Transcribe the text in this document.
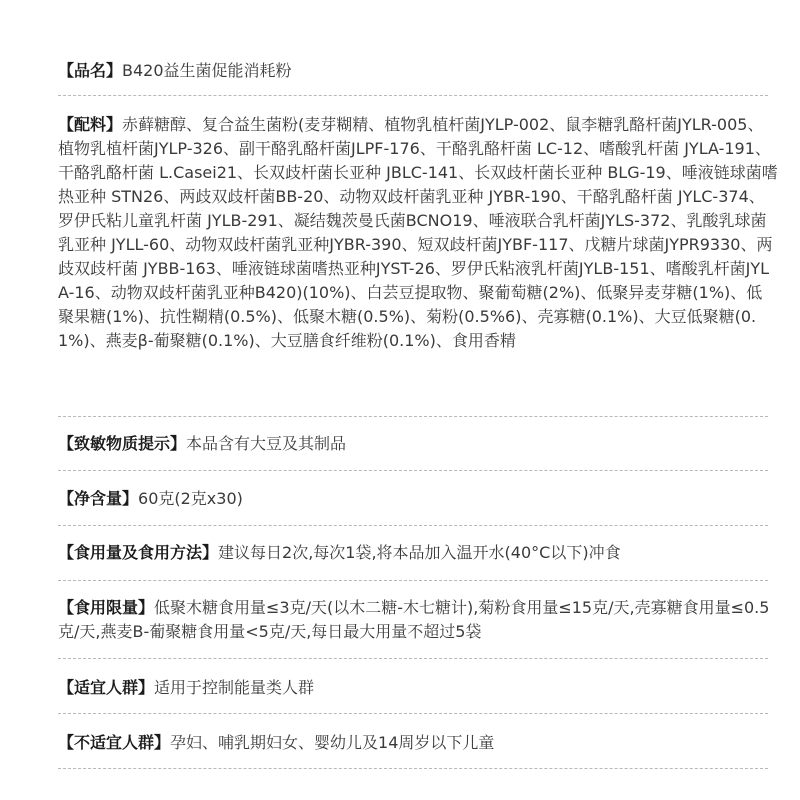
【品名】B420益生菌促能消耗粉

【配料】赤藓糖醇、复合益生菌粉(麦芽糊精、植物乳植杆菌JYLP-002、鼠李糖乳酪杆菌JYLR-005、植物乳植杆菌JYLP-326、副干酪乳酪杆菌JLPF-176、干酪乳酪杆菌 LC-12、嗜酸乳杆菌 JYLA-191、干酪乳酪杆菌 L.Casei21、长双歧杆菌长亚种 JBLC-141、长双歧杆菌长亚种 BLG-19、唾液链球菌嗜热亚种 STN26、两歧双歧杆菌BB-20、动物双歧杆菌乳亚种 JYBR-190、干酪乳酪杆菌 JYLC-374、罗伊氏粘儿童乳杆菌 JYLB-291、凝结魏茨曼氏菌BCNO19、唾液联合乳杆菌JYLS-372、乳酸乳球菌乳亚种 JYLL-60、动物双歧杆菌乳亚种JYBR-390、短双歧杆菌JYBF-117、戊糖片球菌JYPR9330、两歧双歧杆菌 JYBB-163、唾液链球菌嗜热亚种JYST-26、罗伊氏粘液乳杆菌JYLB-151、嗜酸乳杆菌JYLA-16、动物双歧杆菌乳亚种B420)(10%)、白芸豆提取物、聚葡萄糖(2%)、低聚异麦芽糖(1%)、低聚果糖(1%)、抗性糊精(0.5%)、低聚木糖(0.5%)、菊粉(0.5%6)、壳寡糖(0.1%)、大豆低聚糖(0.1%)、燕麦β-葡聚糖(0.1%)、大豆膳食纤维粉(0.1%)、食用香精

【致敏物质提示】本品含有大豆及其制品

【净含量】60克(2克x30)

【食用量及食用方法】建议每日2次,每次1袋,将本品加入温开水(40°C以下)冲食

【食用限量】低聚木糖食用量≤3克/天(以木二糖-木七糖计),菊粉食用量≤15克/天,壳寡糖食用量≤0.5克/天,燕麦B-葡聚糖食用量<5克/天,每日最大用量不超过5袋

【适宜人群】适用于控制能量类人群

【不适宜人群】孕妇、哺乳期妇女、婴幼儿及14周岁以下儿童
